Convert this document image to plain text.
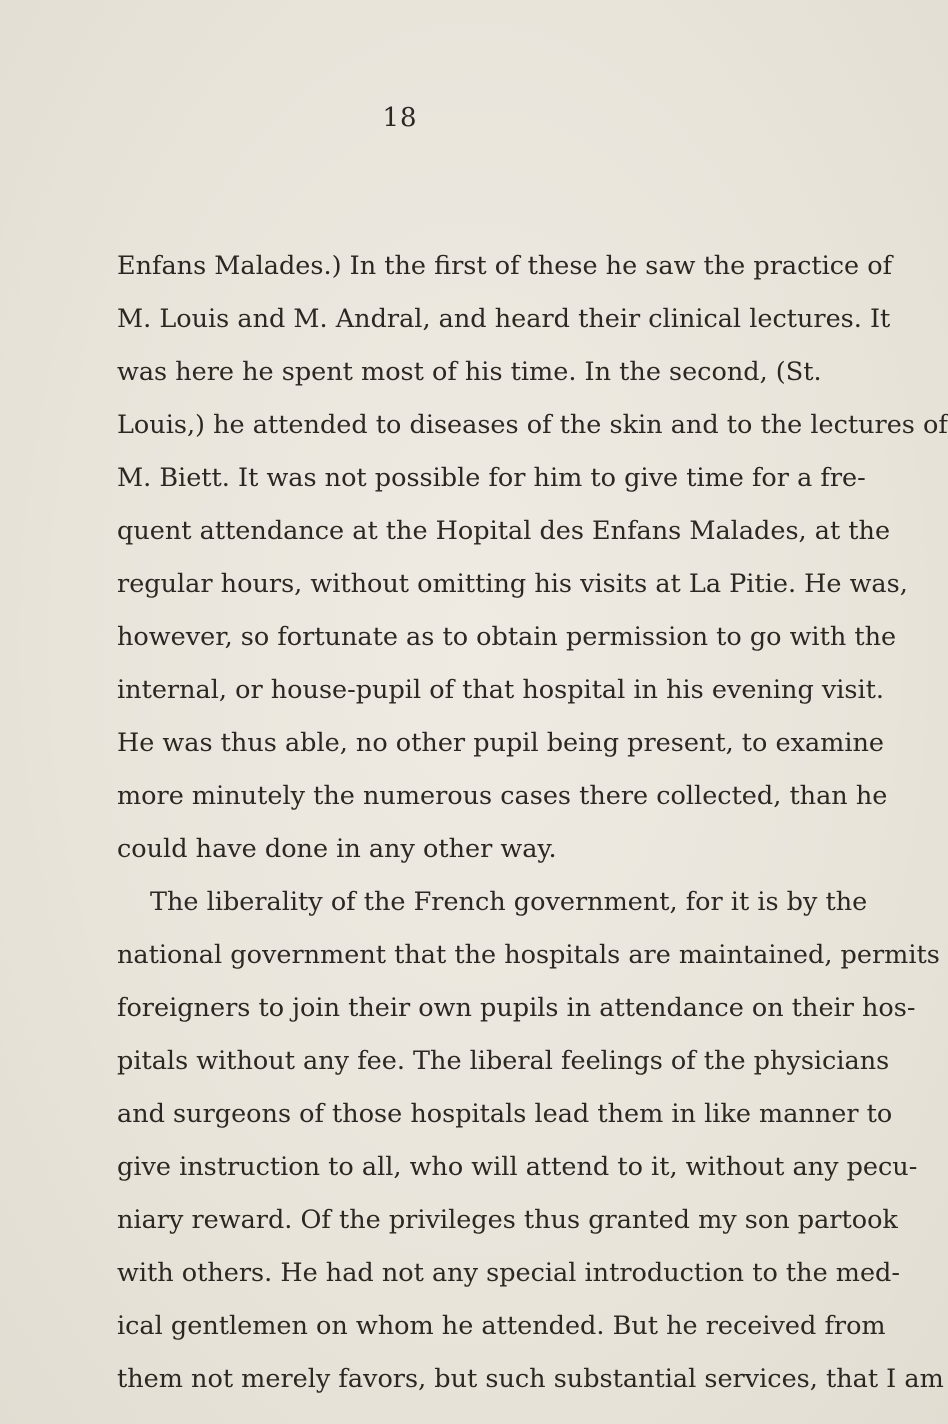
18
Enfans Malades.) In the first of these he saw the practice of
M. Louis and M. Andral, and heard their clinical lectures. It
was here he spent most of his time. In the second, (St.
Louis,) he attended to diseases of the skin and to the lectures of
M. Biett. It was not possible for him to give time for a fre-
quent attendance at the Hopital des Enfans Malades, at the
regular hours, without omitting his visits at La Pitie. He was,
however, so fortunate as to obtain permission to go with the
internal, or house-pupil of that hospital in his evening visit.
He was thus able, no other pupil being present, to examine
more minutely the numerous cases there collected, than he
could have done in any other way.
The liberality of the French government, for it is by the
national government that the hospitals are maintained, permits
foreigners to join their own pupils in attendance on their hos-
pitals without any fee. The liberal feelings of the physicians
and surgeons of those hospitals lead them in like manner to
give instruction to all, who will attend to it, without any pecu-
niary reward. Of the privileges thus granted my son partook
with others. He had not any special introduction to the med-
ical gentlemen on whom he attended. But he received from
them not merely favors, but such substantial services, that I am
